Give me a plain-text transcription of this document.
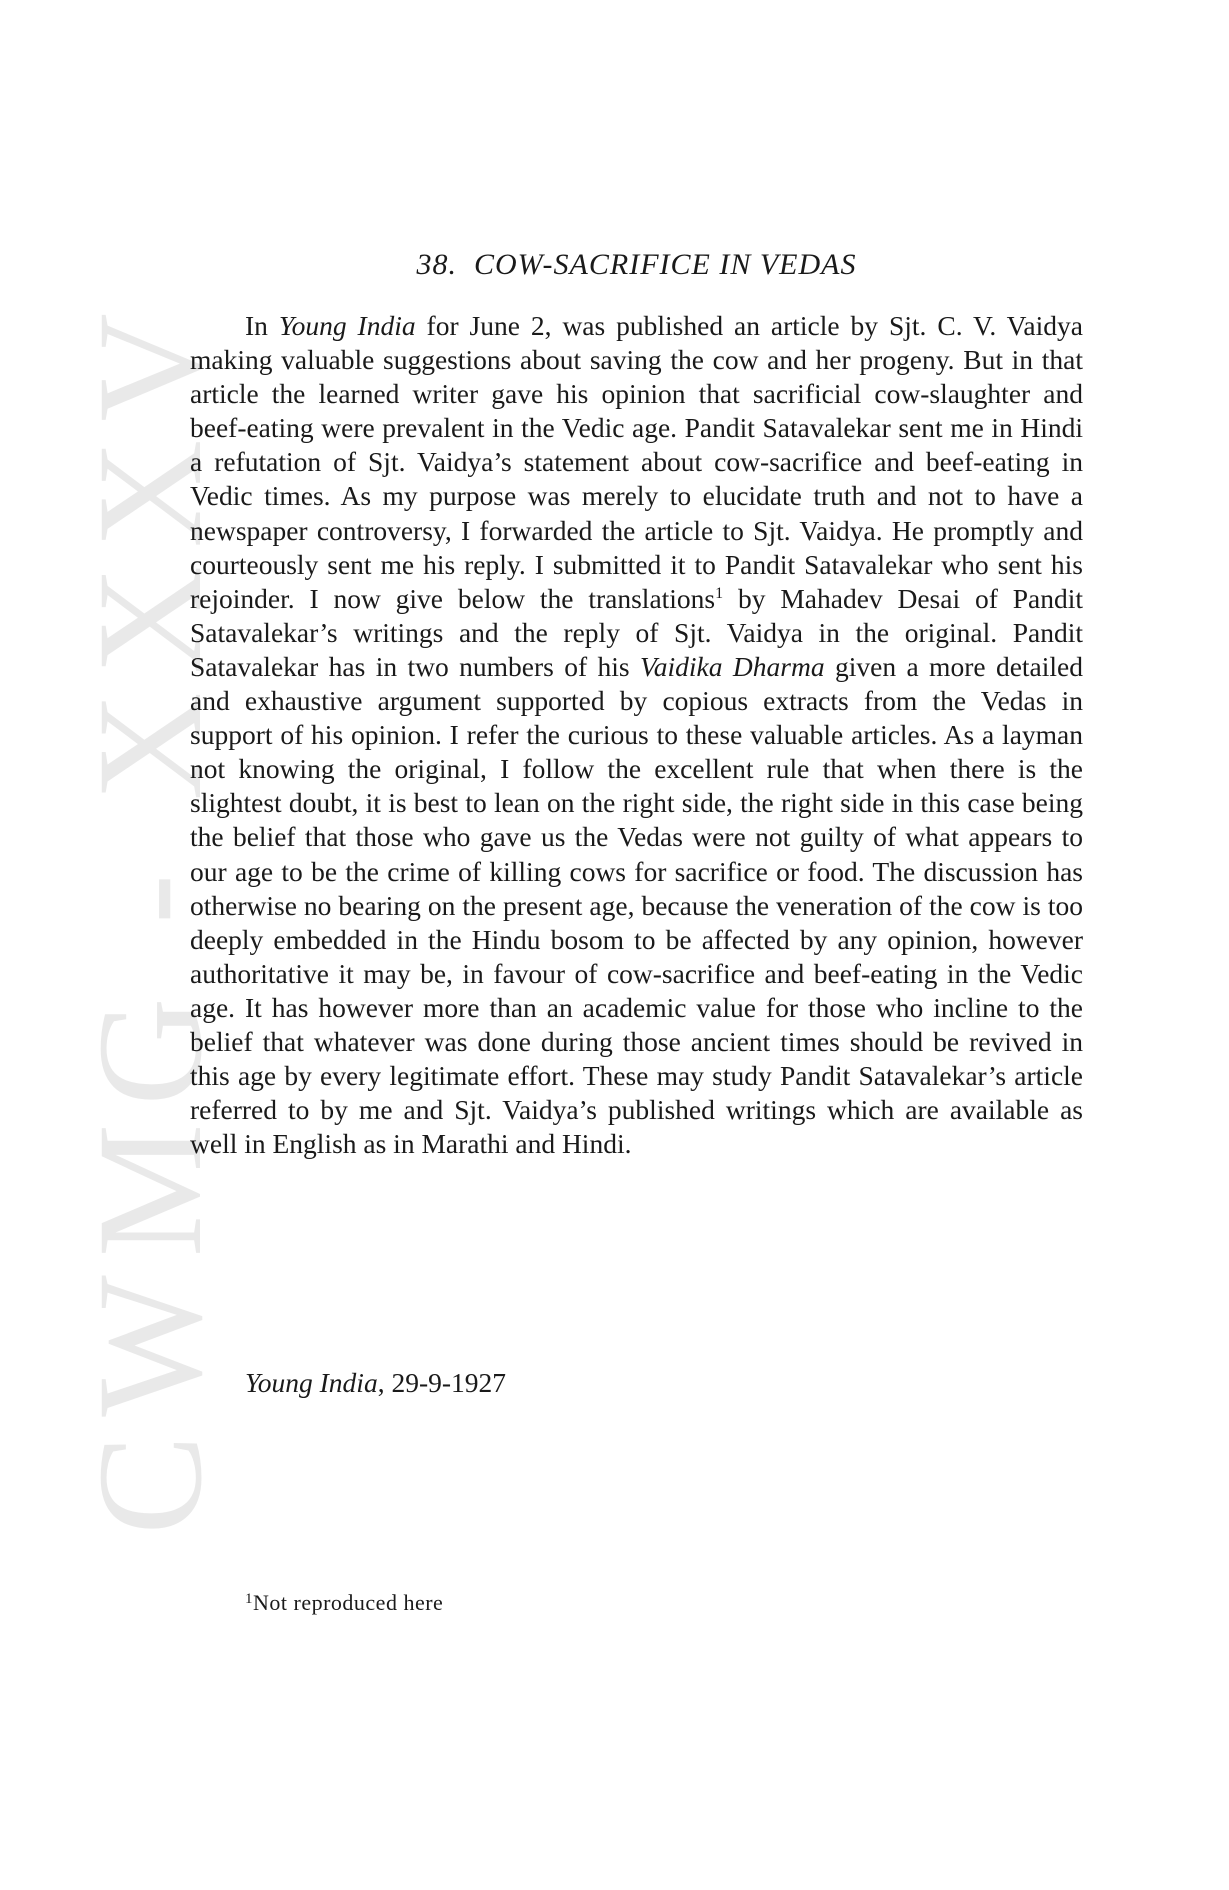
CWMG - XXXV
38. COW-SACRIFICE IN VEDAS

In Young India for June 2, was published an article by Sjt. C. V. Vaidya making valuable suggestions about saving the cow and her progeny. But in that article the learned writer gave his opinion that sacrificial cow-slaughter and beef-eating were prevalent in the Vedic age. Pandit Satavalekar sent me in Hindi a refutation of Sjt. Vaidya’s statement about cow-sacrifice and beef-eating in Vedic times. As my purpose was merely to elucidate truth and not to have a newspaper controversy, I forwarded the article to Sjt. Vaidya. He promptly and courteously sent me his reply. I submitted it to Pandit Satavalekar who sent his rejoinder. I now give below the translations$^1$ by Mahadev Desai of Pandit Satavalekar’s writings and the reply of Sjt. Vaidya in the original. Pandit Satavalekar has in two numbers of his Vaidika Dharma given a more detailed and exhaustive argument supported by copious extracts from the Vedas in support of his opinion. I refer the curious to these valuable articles. As a layman not knowing the original, I follow the excellent rule that when there is the slightest doubt, it is best to lean on the right side, the right side in this case being the belief that those who gave us the Vedas were not guilty of what appears to our age to be the crime of killing cows for sacrifice or food. The discussion has otherwise no bearing on the present age, because the veneration of the cow is too deeply embedded in the Hindu bosom to be affected by any opinion, however authoritative it may be, in favour of cow-sacrifice and beef-eating in the Vedic age. It has however more than an academic value for those who incline to the belief that whatever was done during those ancient times should be revived in this age by every legitimate effort. These may study Pandit Satavalekar’s article referred to by me and Sjt. Vaidya’s published writings which are available as well in English as in Marathi and Hindi.

Young India, 29-9-1927

$^1$Not reproduced here
